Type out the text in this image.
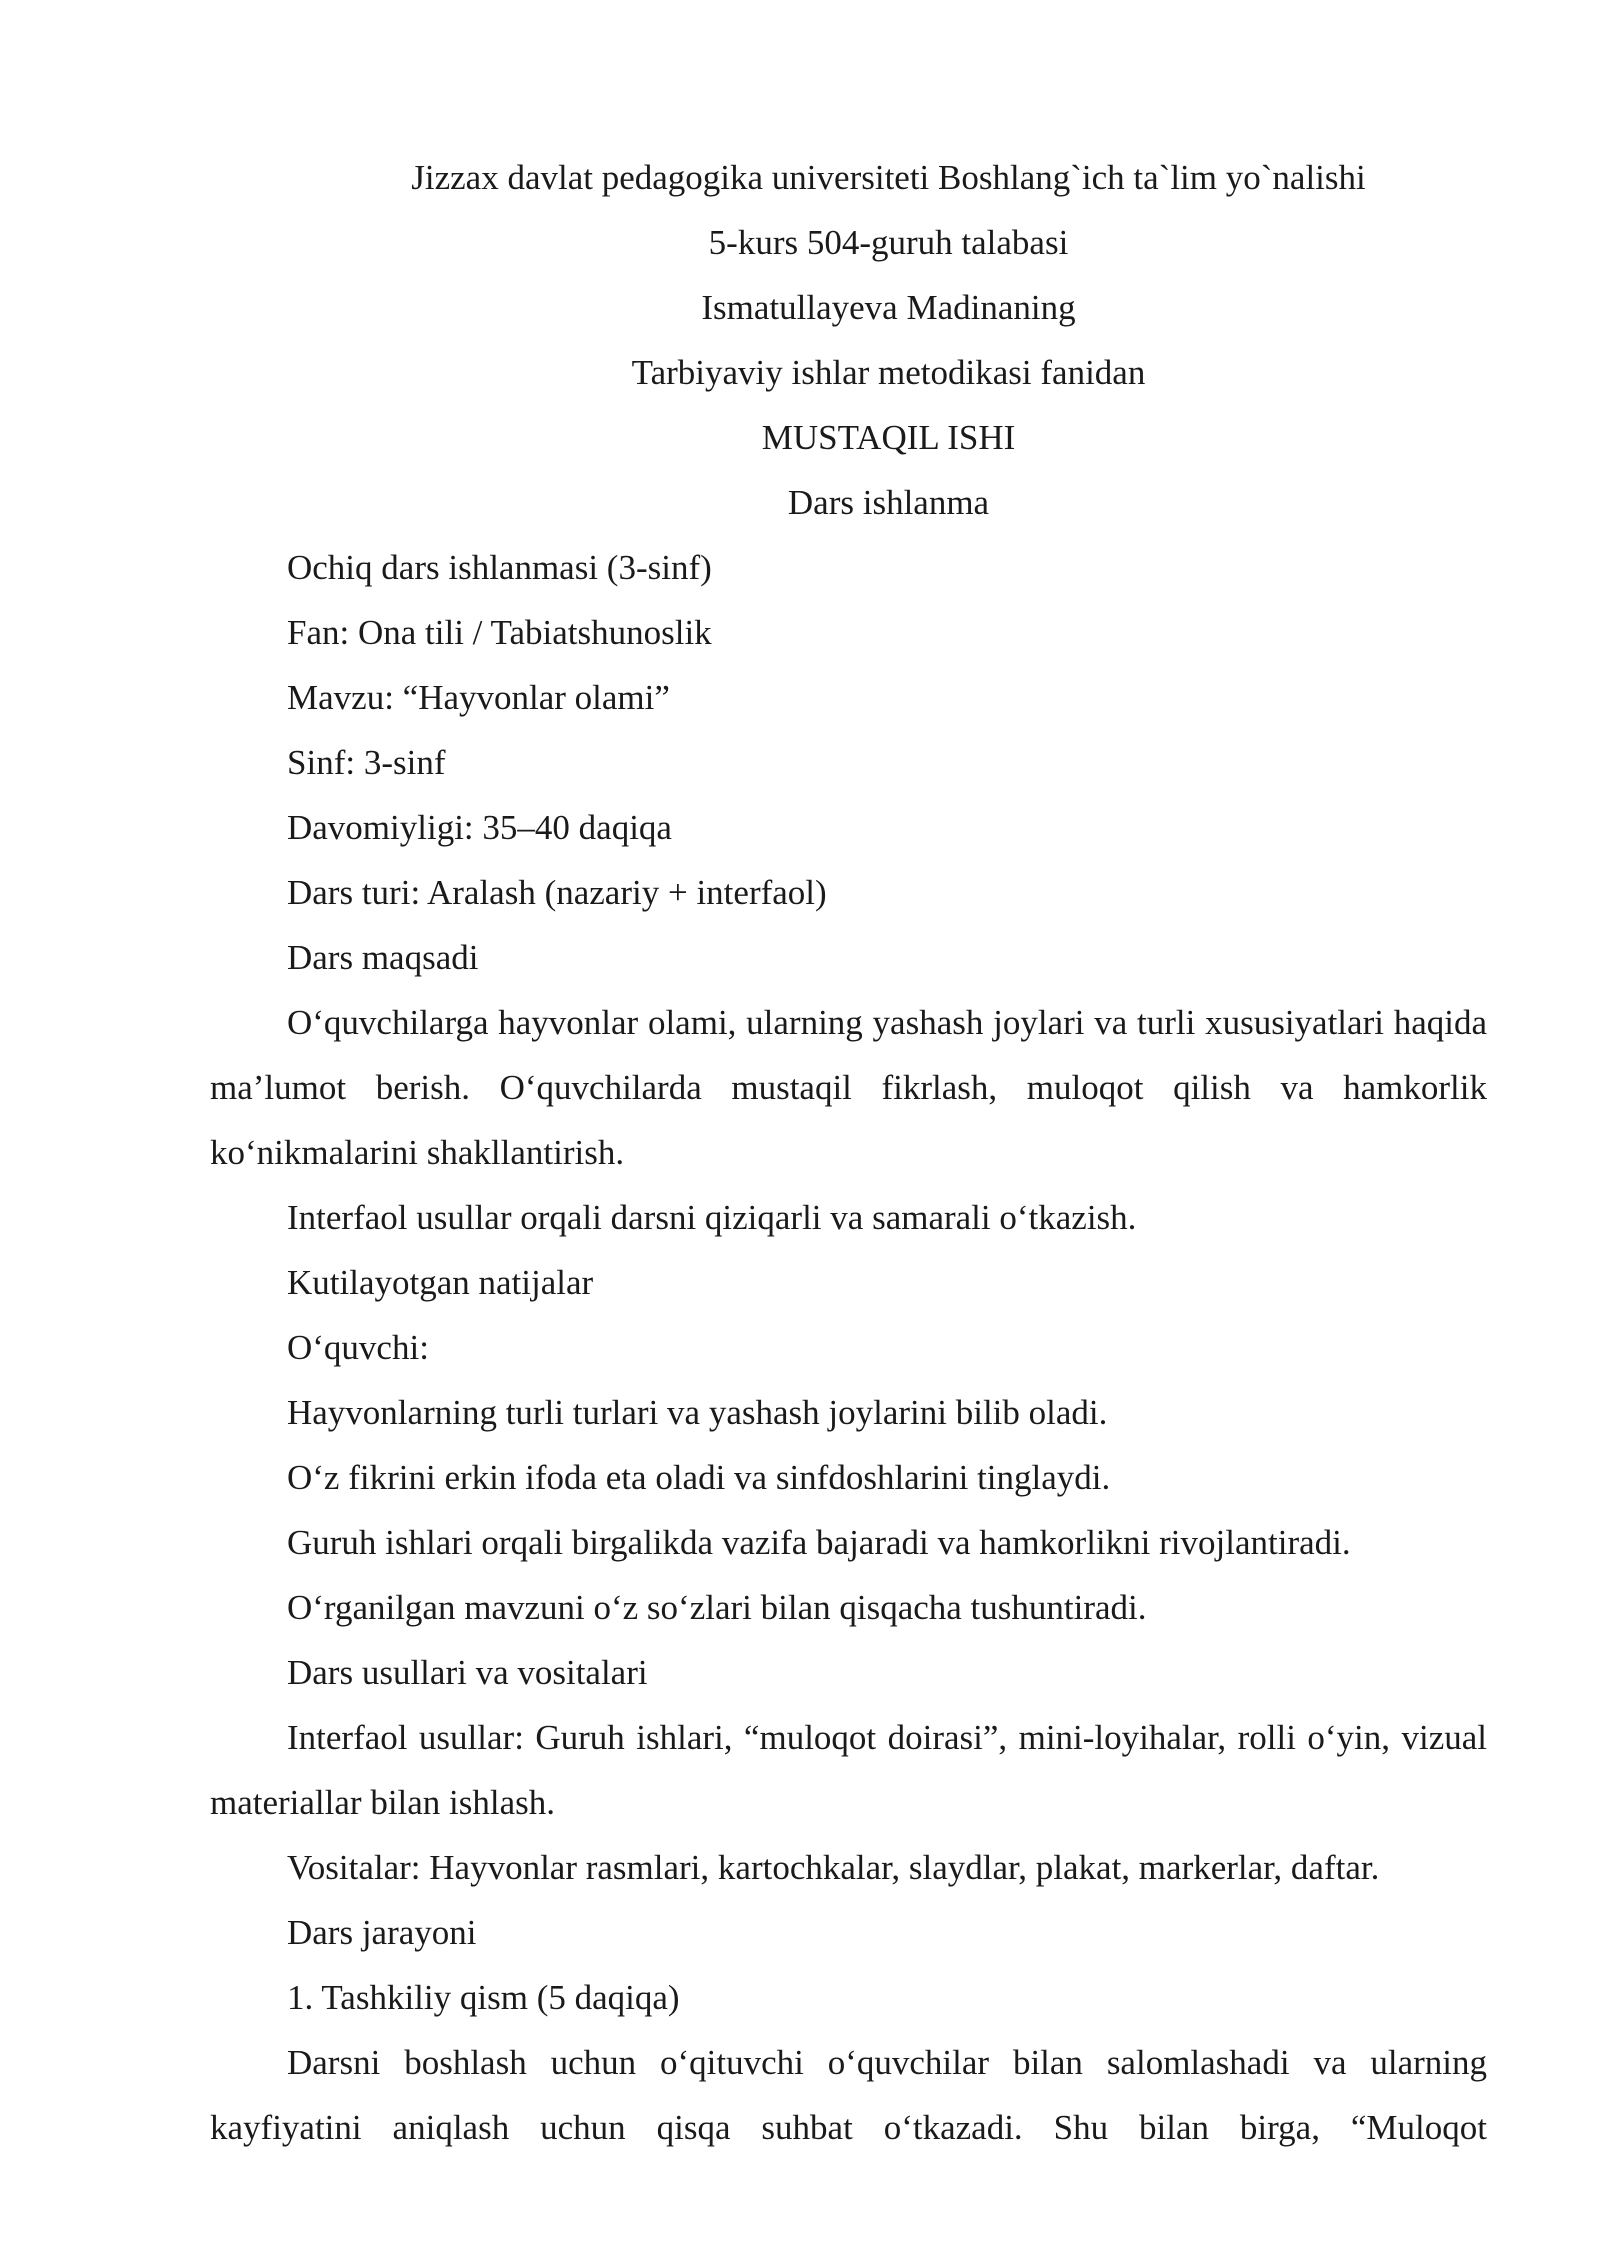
Jizzax davlat pedagogika universiteti Boshlang`ich ta`lim yo`nalishi

5-kurs 504-guruh talabasi

Ismatullayeva Madinaning

Tarbiyaviy ishlar metodikasi fanidan

MUSTAQIL ISHI

Dars ishlanma

Ochiq dars ishlanmasi (3-sinf)

Fan: Ona tili / Tabiatshunoslik

Mavzu: “Hayvonlar olami”

Sinf: 3-sinf

Davomiyligi: 35–40 daqiqa

Dars turi: Aralash (nazariy + interfaol)

Dars maqsadi

O‘quvchilarga hayvonlar olami, ularning yashash joylari va turli xususiyatlari haqida ma’lumot berish. O‘quvchilarda mustaqil fikrlash, muloqot qilish va hamkorlik ko‘nikmalarini shakllantirish.

Interfaol usullar orqali darsni qiziqarli va samarali o‘tkazish.

Kutilayotgan natijalar

O‘quvchi:

Hayvonlarning turli turlari va yashash joylarini bilib oladi.

O‘z fikrini erkin ifoda eta oladi va sinfdoshlarini tinglaydi.

Guruh ishlari orqali birgalikda vazifa bajaradi va hamkorlikni rivojlantiradi.

O‘rganilgan mavzuni o‘z so‘zlari bilan qisqacha tushuntiradi.

Dars usullari va vositalari

Interfaol usullar: Guruh ishlari, “muloqot doirasi”, mini-loyihalar, rolli o‘yin, vizual materiallar bilan ishlash.

Vositalar: Hayvonlar rasmlari, kartochkalar, slaydlar, plakat, markerlar, daftar.

Dars jarayoni

1. Tashkiliy qism (5 daqiqa)

Darsni boshlash uchun o‘qituvchi o‘quvchilar bilan salomlashadi va ularning kayfiyatini aniqlash uchun qisqa suhbat o‘tkazadi. Shu bilan birga, “Muloqot
